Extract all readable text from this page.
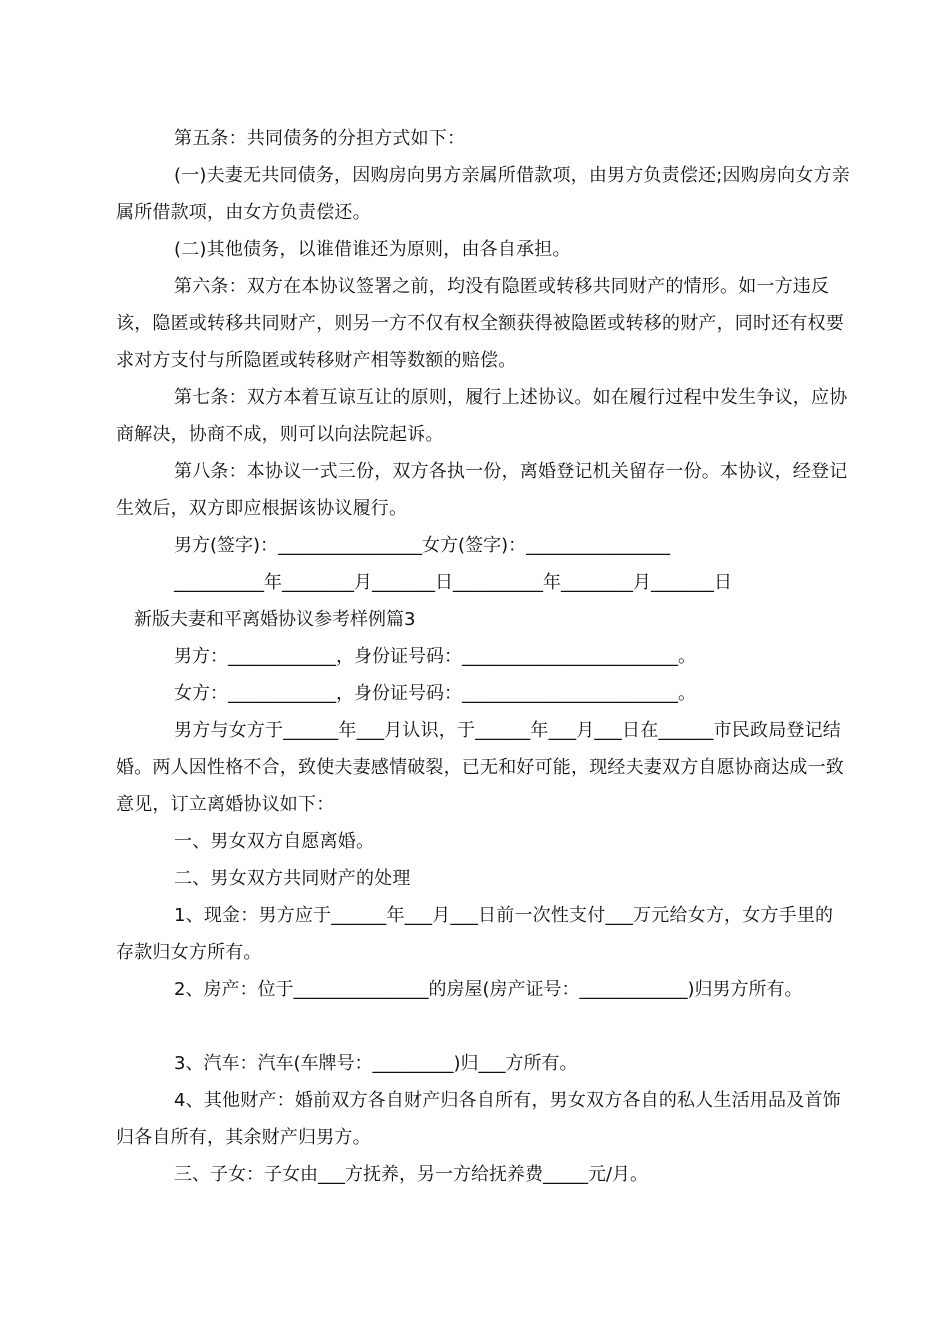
第五条：共同债务的分担方式如下：

(一)夫妻无共同债务，因购房向男方亲属所借款项，由男方负责偿还;因购房向女方亲属所借款项，由女方负责偿还。

(二)其他债务，以谁借谁还为原则，由各自承担。

第六条：双方在本协议签署之前，均没有隐匿或转移共同财产的情形。如一方违反该，隐匿或转移共同财产，则另一方不仅有权全额获得被隐匿或转移的财产，同时还有权要求对方支付与所隐匿或转移财产相等数额的赔偿。

第七条：双方本着互谅互让的原则，履行上述协议。如在履行过程中发生争议，应协商解决，协商不成，则可以向法院起诉。

第八条：本协议一式三份，双方各执一份，离婚登记机关留存一份。本协议，经登记生效后，双方即应根据该协议履行。

男方(签字)：________________女方(签字)：________________

__________年________月_______日__________年________月_______日

新版夫妻和平离婚协议参考样例篇3

男方：____________，身份证号码：________________________。

女方：____________，身份证号码：________________________。

男方与女方于______年___月认识，于______年___月___日在______市民政局登记结婚。两人因性格不合，致使夫妻感情破裂，已无和好可能，现经夫妻双方自愿协商达成一致意见，订立离婚协议如下：

一、男女双方自愿离婚。

二、男女双方共同财产的处理

1、现金：男方应于______年___月___日前一次性支付___万元给女方，女方手里的存款归女方所有。

2、房产：位于_______________的房屋(房产证号：____________)归男方所有。

3、汽车：汽车(车牌号：_________)归___方所有。

4、其他财产：婚前双方各自财产归各自所有，男女双方各自的私人生活用品及首饰归各自所有，其余财产归男方。

三、子女：子女由___方抚养，另一方给抚养费_____元/月。
